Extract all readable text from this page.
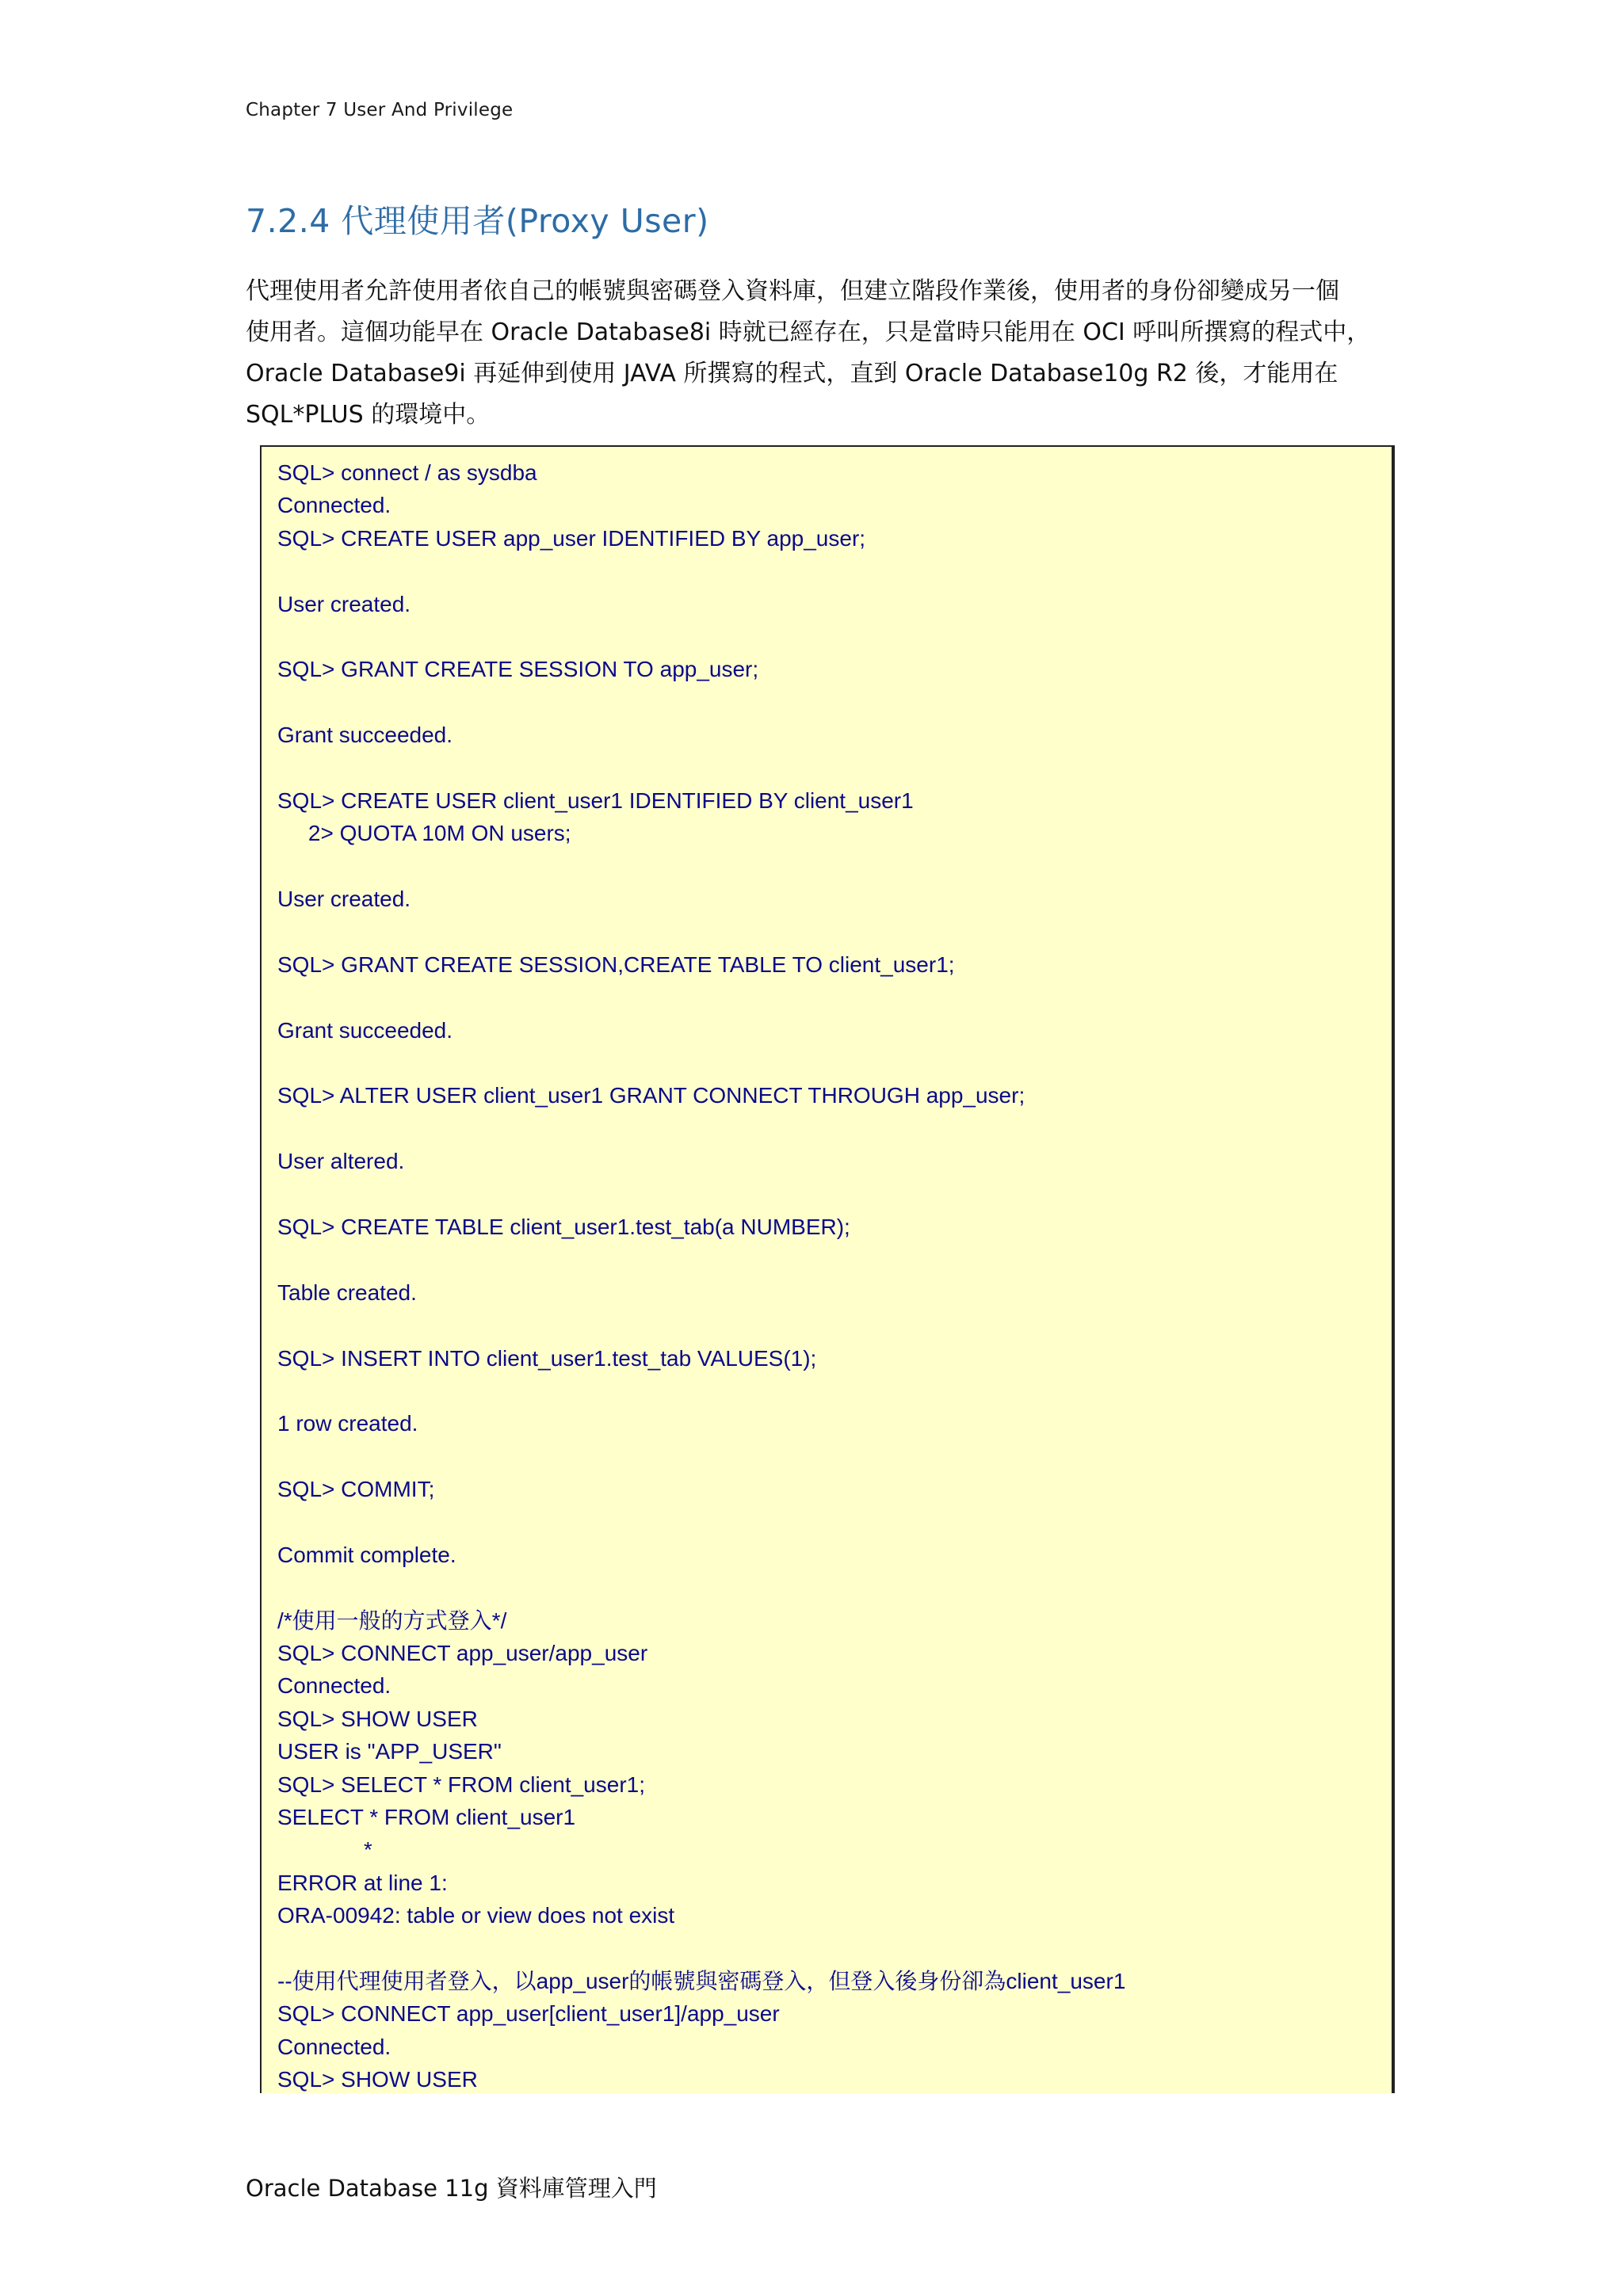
Chapter 7 User And Privilege
7.2.4 代理使用者(Proxy User)
代理使用者允許使用者依自己的帳號與密碼登入資料庫，但建立階段作業後，使用者的身份卻變成另一個
使用者。這個功能早在 Oracle Database8i 時就已經存在，只是當時只能用在 OCI 呼叫所撰寫的程式中，
Oracle Database9i 再延伸到使用 JAVA 所撰寫的程式，直到 Oracle Database10g R2 後，才能用在
SQL*PLUS 的環境中。
SQL> connect / as sysdba
Connected.
SQL> CREATE USER app_user IDENTIFIED BY app_user;
User created.
SQL> GRANT CREATE SESSION TO app_user;
Grant succeeded.
SQL> CREATE USER client_user1 IDENTIFIED BY client_user1
2> QUOTA 10M ON users;
User created.
SQL> GRANT CREATE SESSION,CREATE TABLE TO client_user1;
Grant succeeded.
SQL> ALTER USER client_user1 GRANT CONNECT THROUGH app_user;
User altered.
SQL> CREATE TABLE client_user1.test_tab(a NUMBER);
Table created.
SQL> INSERT INTO client_user1.test_tab VALUES(1);
1 row created.
SQL> COMMIT;
Commit complete.
/*使用一般的方式登入*/
SQL> CONNECT app_user/app_user
Connected.
SQL> SHOW USER
USER is "APP_USER"
SQL> SELECT * FROM client_user1;
SELECT * FROM client_user1
*
ERROR at line 1:
ORA-00942: table or view does not exist
--使用代理使用者登入，以app_user的帳號與密碼登入，但登入後身份卻為client_user1
SQL> CONNECT app_user[client_user1]/app_user
Connected.
SQL> SHOW USER
Oracle Database 11g 資料庫管理入門
